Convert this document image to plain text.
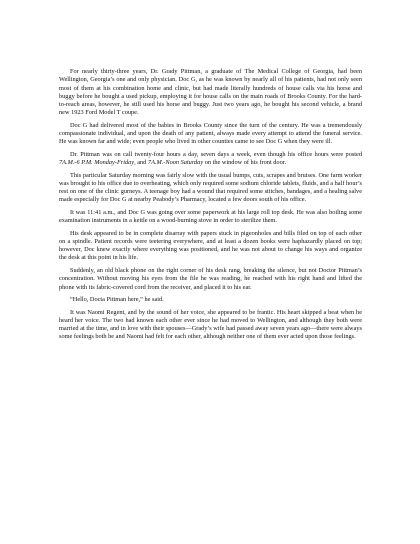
For nearly thirty-three years, Dr. Grady Pittman, a graduate of The Medical College of Georgia, had been Wellington, Georgia’s one and only physician. Doc G, as he was known by nearly all of his patients, had not only seen most of them at his combination home and clinic, but had made literally hundreds of house calls via his horse and buggy before he bought a used pickup, employing it for house calls on the main roads of Brooks County. For the hard-to-reach areas, however, he still used his horse and buggy. Just two years ago, he bought his second vehicle, a brand new 1923 Ford Model T coupe.

Doc G had delivered most of the babies in Brooks County since the turn of the century. He was a tremendously compassionate individual, and upon the death of any patient, always made every attempt to attend the funeral service. He was known far and wide; even people who lived in other counties came to see Doc G when they were ill.

Dr. Pittman was on call twenty-four hours a day, seven days a week, even though his office hours were posted 7A.M.-6 P.M. Monday-Friday, and 7A.M.-Noon Saturday on the window of his front door.

This particular Saturday morning was fairly slow with the usual bumps, cuts, scrapes and bruises. One farm worker was brought to his office due to overheating, which only required some sodium chloride tablets, fluids, and a half hour’s rest on one of the clinic gurneys. A teenage boy had a wound that required some stitches, bandages, and a healing salve made especially for Doc G at nearby Peabody’s Pharmacy, located a few doors south of his office.

It was 11:41 a.m., and Doc G was going over some paperwork at his large roll top desk. He was also boiling some examination instruments in a kettle on a wood-burning stove in order to sterilize them.

His desk appeared to be in complete disarray with papers stuck in pigeonholes and bills filed on top of each other on a spindle. Patient records were teetering everywhere, and at least a dozen books were haphazardly placed on top; however, Doc knew exactly where everything was positioned, and he was not about to change his ways and organize the desk at this point in his life.

Suddenly, an old black phone on the right corner of his desk rang, breaking the silence, but not Doctor Pittman’s concentration. Without moving his eyes from the file he was reading, he reached with his right hand and lifted the phone with its fabric-covered cord from the receiver, and placed it to his ear.

“Hello, Docta Pittman here,” he said.

It was Naomi Regent, and by the sound of her voice, she appeared to be frantic. His heart skipped a beat when he heard her voice. The two had known each other ever since he had moved to Wellington, and although they both were married at the time, and in love with their spouses—Grady’s wife had passed away seven years ago—there were always some feelings both he and Naomi had felt for each other, although neither one of them ever acted upon those feelings.
